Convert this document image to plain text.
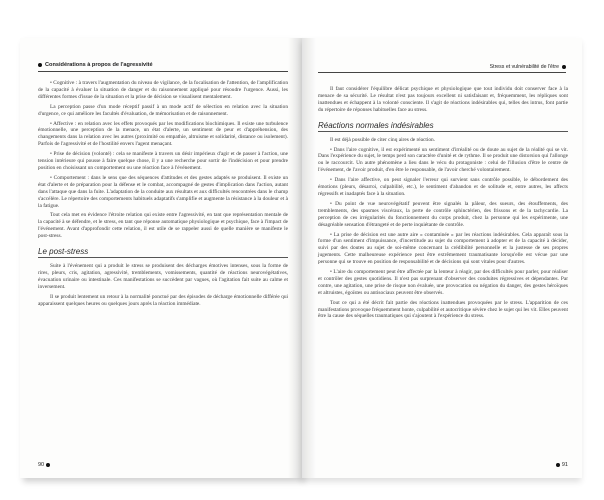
Considérations à propos de l'agressivité

• Cognitive : à travers l'augmentation du niveau de vigilance, de la focalisation de l'attention, de l'amplification de la capacité à évaluer la situation de danger et du raisonnement appliqué pour résoudre l'urgence. Aussi, les différentes formes d'issue de la situation et la prise de décision se visualisent mentalement.

La perception passe d'un mode réceptif passif à un mode actif de sélection en relation avec la situation d'urgence, ce qui améliore les facultés d'évaluation, de mémorisation et de raisonnement.

• Affective : en relation avec les effets provoqués par les modifications biochimiques. Il existe une turbulence émotionnelle, une perception de la menace, un état d'alerte, un sentiment de peur et d'appréhension, des changements dans la relation avec les autres (proximité ou empathie, altruisme et solidarité, distance ou isolement). Parfois de l'agressivité et de l'hostilité envers l'agent menaçant.

• Prise de décision (volonté) : cela se manifeste à travers un désir impérieux d'agir et de passer à l'action, une tension intérieure qui pousse à faire quelque chose, il y a une recherche pour sortir de l'indécision et pour prendre position en choisissant un comportement ou une réaction face à l'événement.

• Comportement : dans le sens que des séquences d'attitudes et des gestes adaptés se produisent. Il existe un état d'alerte et de préparation pour la défense et le combat, accompagné de gestes d'implication dans l'action, autant dans l'attaque que dans la fuite. L'adaptation de la conduite aux résultats et aux difficultés rencontrées dans le champ s'accélère. Le répertoire des comportements habituels adaptatifs s'amplifie et augmente la résistance à la douleur et à la fatigue.

Tout cela met en évidence l'étroite relation qui existe entre l'agressivité, en tant que représentation mentale de la capacité à se défendre, et le stress, en tant que réponse automatique physiologique et psychique, face à l'impact de l'événement. Avant d'approfondir cette relation, il est utile de se rappeler aussi de quelle manière se manifeste le post-stress.

Le post-stress

Suite à l'événement qui a produit le stress se produisent des décharges émotives intenses, sous la forme de rires, pleurs, cris, agitation, agressivité, tremblements, vomissements, quantité de réactions neurovégétatives, évacuation urinaire ou intestinale. Ces manifestations se succèdent par vagues, où l'agitation fait suite au calme et inversement.

Il se produit lentement un retour à la normalité ponctué par des épisodes de décharge émotionnelle différée qui apparaissent quelques heures ou quelques jours après la réaction immédiate.

90
Stress et vulnérabilité de l'être

Il faut considérer l'équilibre délicat psychique et physiologique que tout individu doit conserver face à la menace de sa sécurité. Le résultat n'est pas toujours excellent ni satisfaisant et, fréquemment, les répliques sont inattendues et échappent à la volonté consciente. Il s'agit de réactions indésirables qui, telles des intrus, font partie du répertoire de réponses habituelles face au stress.

Réactions normales indésirables

Il est déjà possible de citer cinq aires de réaction.

• Dans l'aire cognitive, il est expérimenté un sentiment d'irréalité ou de doute au sujet de la réalité qui se vit. Dans l'expérience du sujet, le temps perd son caractère d'unité et de rythme. Il se produit une distorsion qui l'allonge ou le raccourcit. Un autre phénomène a lieu dans le vécu du protagoniste : celui de l'illusion d'être le centre de l'événement, de l'avoir produit, d'en être le responsable, de l'avoir cherché volontairement.

• Dans l'aire affective, on peut signaler l'erreur qui survient sans contrôle possible, le débordement des émotions (pleurs, désarroi, culpabilité, etc.), le sentiment d'abandon et de solitude et, entre autres, les affects régressifs et inadaptés face à la situation.

• Du point de vue neurovégétatif peuvent être signalés la pâleur, des sueurs, des étouffements, des tremblements, des spasmes viscéraux, la perte de contrôle sphinctérien, des frissons et de la tachycardie. La perception de ces irrégularités du fonctionnement du corps produit, chez la personne qui les expérimente, une désagréable sensation d'étrangeté et de perte inquiétante de contrôle.

• La prise de décision est une autre aire « contaminée » par les réactions indésirables. Cela apparaît sous la forme d'un sentiment d'impuissance, d'incertitude au sujet du comportement à adopter et de la capacité à décider, suivi par des doutes au sujet de soi-même concernant la crédibilité personnelle et la justesse de ses propres jugements. Cette malheureuse expérience peut être extrêmement traumatisante lorsqu'elle est vécue par une personne qui se trouve en position de responsabilité et de décisions qui sont vitales pour d'autres.

• L'aire du comportement peut être affectée par la lenteur à réagir, par des difficultés pour parler, pour réaliser et contrôler des gestes quotidiens. Il n'est pas surprenant d'observer des conduites régressives et dépendantes. Par contre, une agitation, une prise de risque non évaluée, une provocation ou négation du danger, des gestes héroïques et altruistes, égoïstes ou antisociaux peuvent être observés.

Tout ce qui a été décrit fait partie des réactions inattendues provoquées par le stress. L'apparition de ces manifestations provoque fréquemment honte, culpabilité et autocritique sévère chez le sujet qui les vit. Elles peuvent être la cause des séquelles traumatiques qui s'ajoutent à l'expérience du stress.

91
